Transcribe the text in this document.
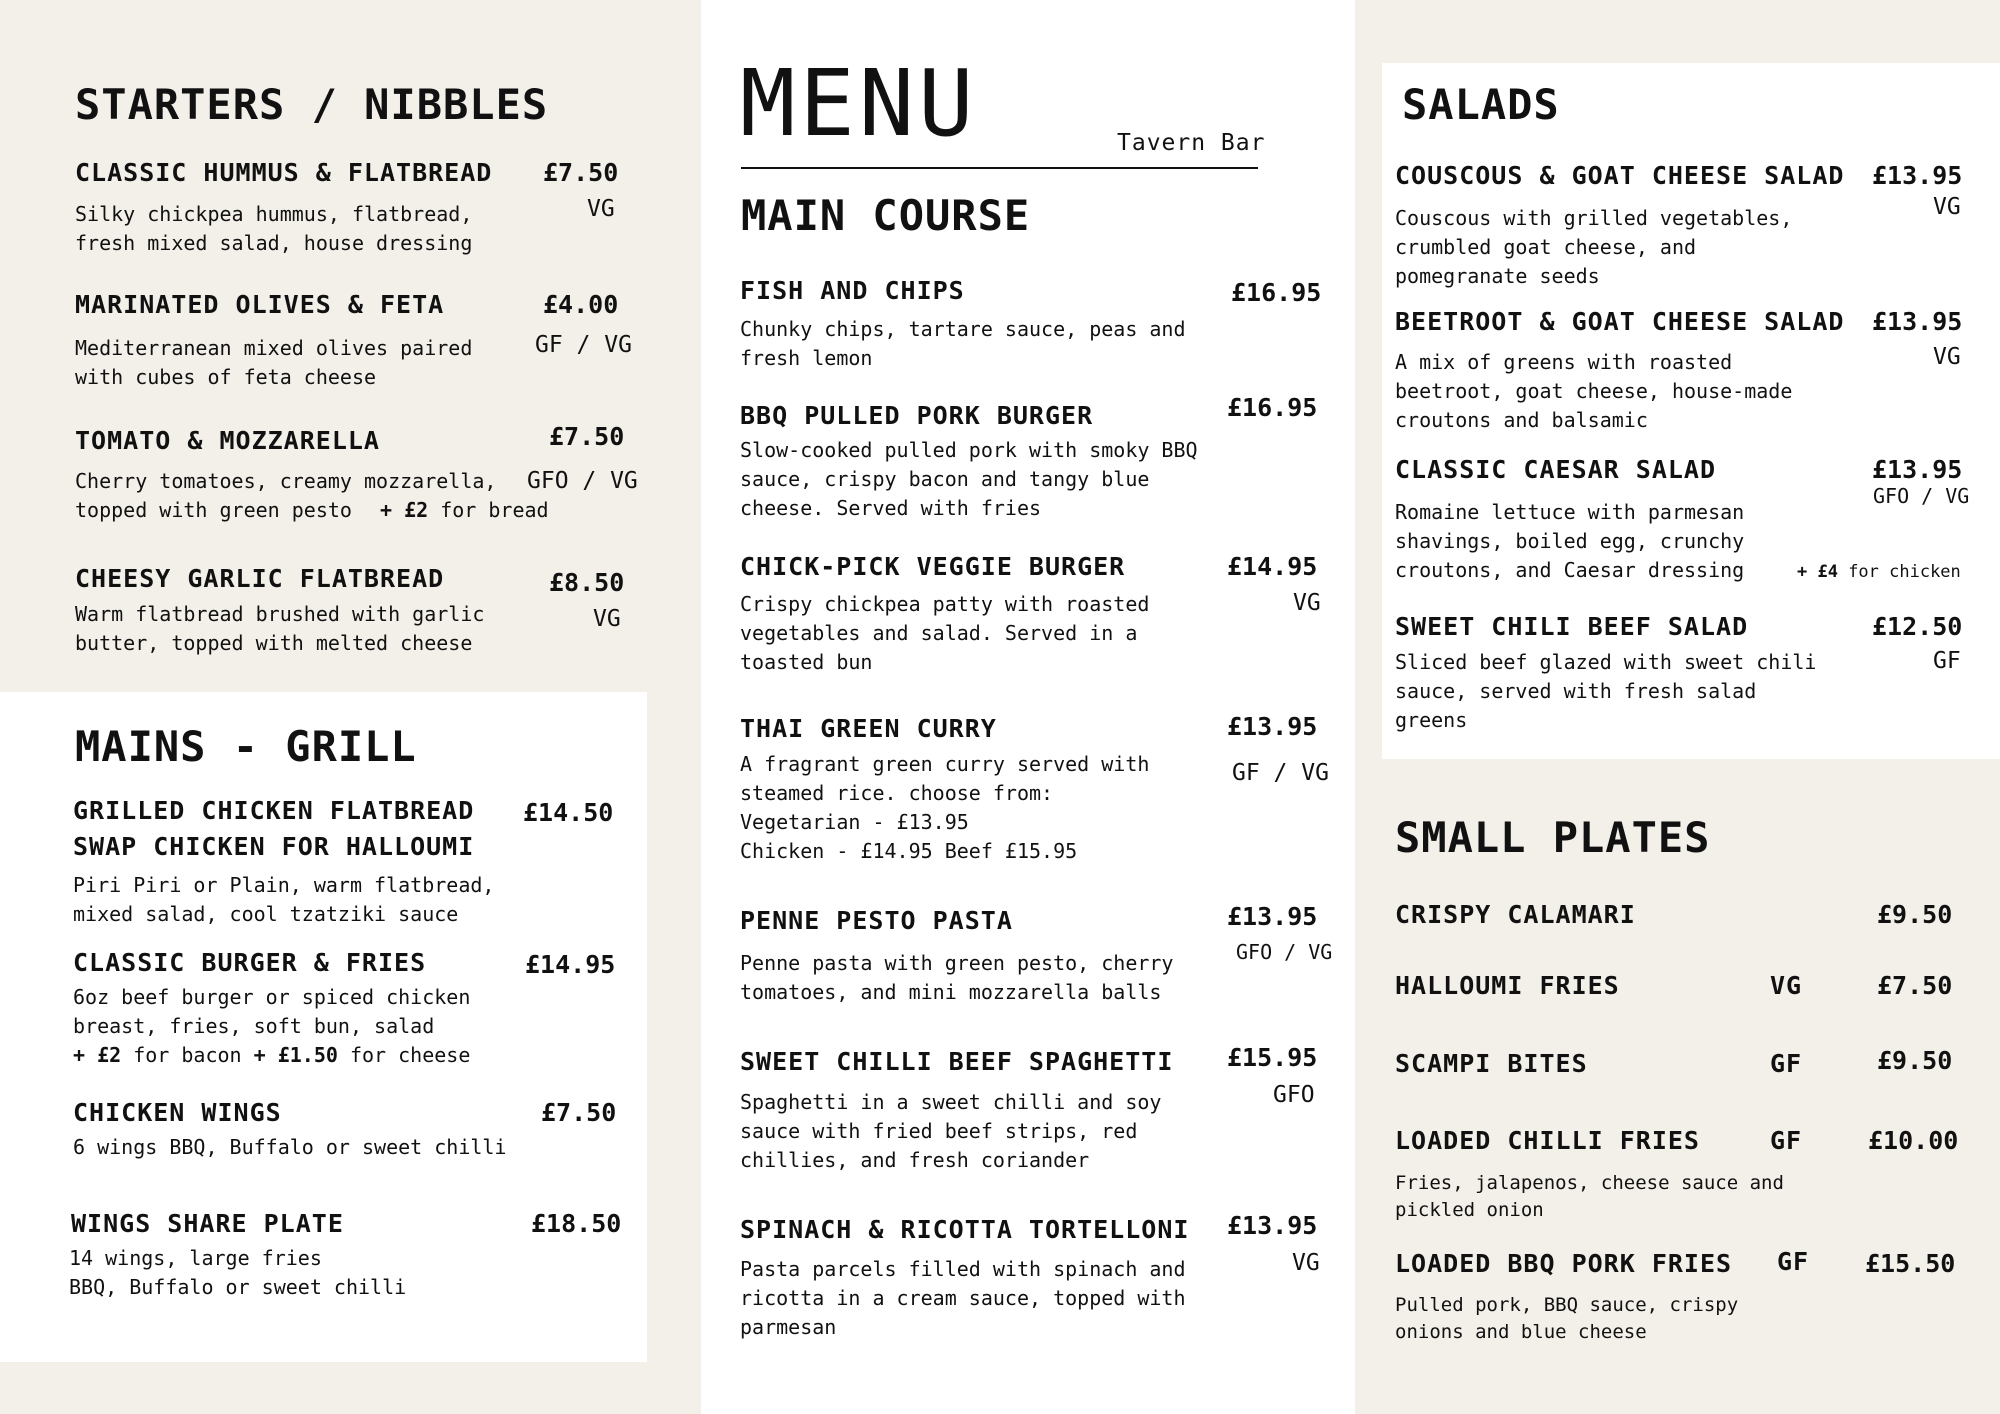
STARTERS / NIBBLES
CLASSIC HUMMUS & FLATBREAD £7.50
VG
Silky chickpea hummus, flatbread,
fresh mixed salad, house dressing
MARINATED OLIVES & FETA	£4.00
GF / VG
Mediterranean mixed olives paired
with cubes of feta cheese
TOMATO & MOZZARELLA	£7.50
GFO / VG
Cherry tomatoes, creamy mozzarella,
topped with green pesto	+ £2 for bread
CHEESY GARLIC FLATBREAD	£8.50
VG
Warm flatbread brushed with garlic
butter, topped with melted cheese
MAINS - GRILL
GRILLED CHICKEN FLATBREAD
SWAP CHICKEN FOR HALLOUMI
£14.50
Piri Piri or Plain, warm flatbread,
mixed salad, cool tzatziki sauce
CLASSIC BURGER & FRIES	£14.95
6oz beef burger or spiced chicken
breast, fries, soft bun, salad
+ £2 for bacon + £1.50 for cheese
CHICKEN WINGS	£7.50
6 wings BBQ, Buffalo or sweet chilli
WINGS SHARE PLATE	£18.50
14 wings, large fries
BBQ, Buffalo or sweet chilli
MENU	Tavern Bar
MAIN COURSE
FISH AND CHIPS	£16.95
Chunky chips, tartare sauce, peas and
fresh lemon
BBQ PULLED PORK BURGER	£16.95
Slow-cooked pulled pork with smoky BBQ
sauce, crispy bacon and tangy blue
cheese. Served with fries
CHICK-PICK VEGGIE BURGER	£14.95
VG
Crispy chickpea patty with roasted
vegetables and salad. Served in a
toasted bun
THAI GREEN CURRY	£13.95
GF / VG
A fragrant green curry served with
steamed rice. choose from:
Vegetarian - £13.95
Chicken - £14.95 Beef £15.95
PENNE PESTO PASTA	£13.95
GFO / VG
Penne pasta with green pesto, cherry
tomatoes, and mini mozzarella balls
SWEET CHILLI BEEF SPAGHETTI £15.95
GFO
Spaghetti in a sweet chilli and soy
sauce with fried beef strips, red
chillies, and fresh coriander
SPINACH & RICOTTA TORTELLONI £13.95
VG
Pasta parcels filled with spinach and
ricotta in a cream sauce, topped with
parmesan
SALADS
COUSCOUS & GOAT CHEESE SALAD £13.95
VG
Couscous with grilled vegetables,
crumbled goat cheese, and
pomegranate seeds
BEETROOT & GOAT CHEESE SALAD £13.95
VG
A mix of greens with roasted
beetroot, goat cheese, house-made
croutons and balsamic
CLASSIC CAESAR SALAD	£13.95
GFO / VG
Romaine lettuce with parmesan
shavings, boiled egg, crunchy
croutons, and Caesar dressing	+ £4 for chicken
SWEET CHILI BEEF SALAD	£12.50
GF
Sliced beef glazed with sweet chili
sauce, served with fresh salad
greens
SMALL PLATES
CRISPY CALAMARI	£9.50
HALLOUMI FRIES	VG	£7.50
SCAMPI BITES	GF	£9.50
LOADED CHILLI FRIES	GF	£10.00
Fries, jalapenos, cheese sauce and
pickled onion
LOADED BBQ PORK FRIES GF £15.50
Pulled pork, BBQ sauce, crispy
onions and blue cheese
